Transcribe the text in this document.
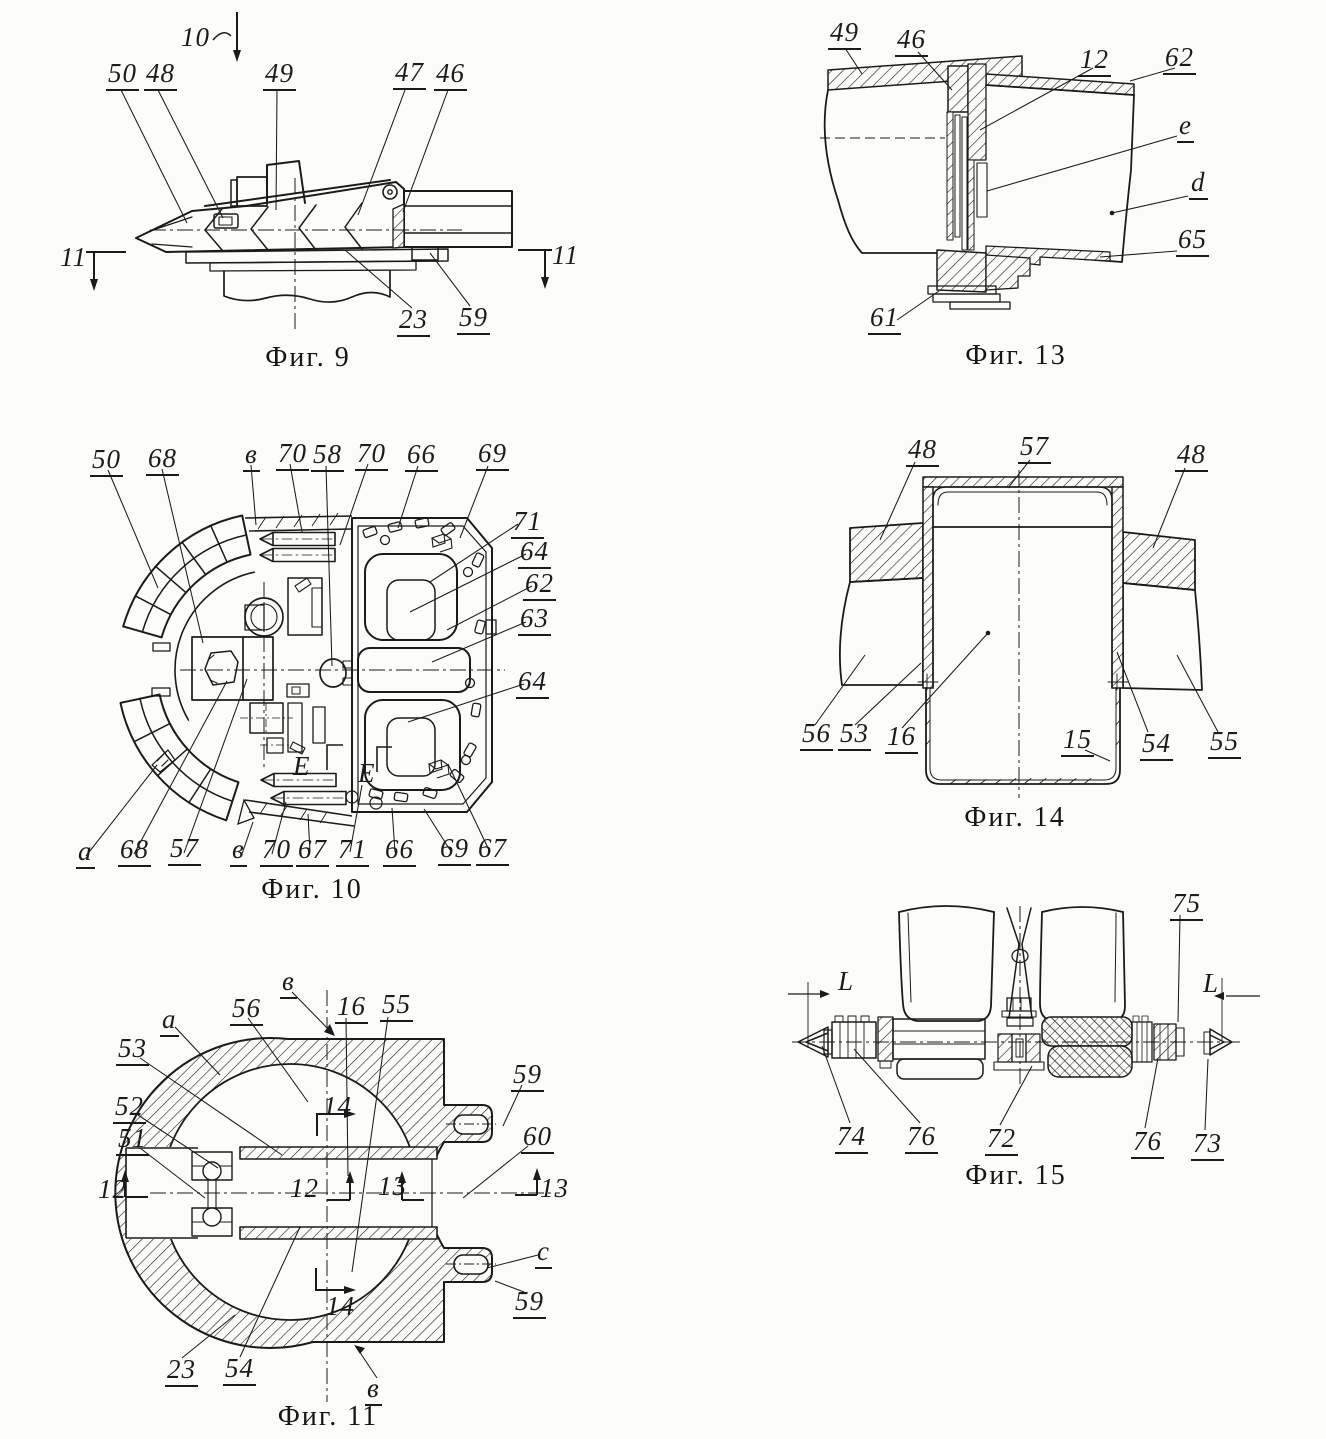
10
50 48	49	47 46
11	11
23 59
Фиг. 9
49 46
12 62
е
d
65
61
Фиг. 13
50 68	в 70 58 70 66 69
71
64
62
63
64
а 68 57 в 70 67 71 66 69 67
E E
Фиг. 10
48	57	48
56 53 16	15 54 55
Фиг. 14
в
56	16 55
а
53
52
51
12	12 13	13
59
60
с
59
23 54
в
14
14
Фиг. 11
75
L	L
74 76 72	76 73
Фиг. 15
